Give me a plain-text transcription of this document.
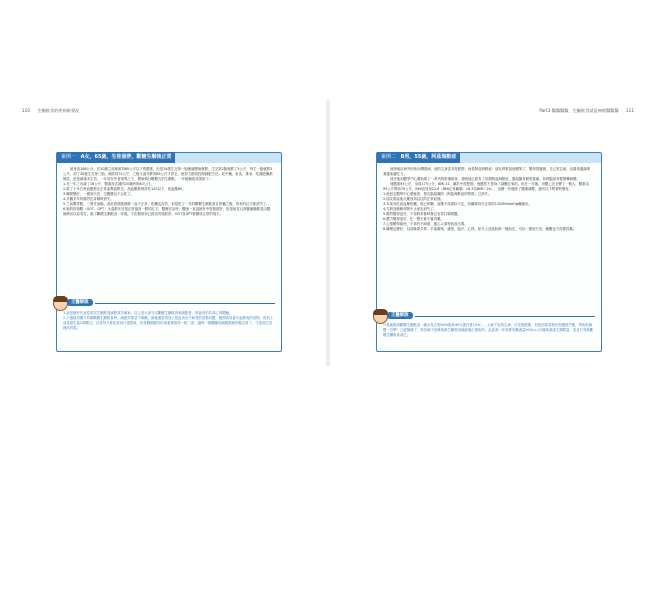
110 生酮飲食的疾病新發況
案例一 A女，65歲，生娃發胖，斷糖生酮後正常

她身高168公分，在20歲之前都維持60公斤以下的體重，但是24歲生完第一胎後就開始發胖，生完第2胎後胖了5公斤，每生一胎就胖5公斤，到了30歲生完第三胎，就胖到75公斤，之後又逐年胖到85公斤才停止，她努力節食控制減肥方法，吃中藥、針灸、推拿、吃減肥藥都無效，但是絲毫未生效，一年前在作者指導之下，開始執行斷糖式的生酮飲，一年後驗收成果如下：

1.在一年之內減了18公斤，體重再次減回20歲時的60公斤。
2.除了十年右時血壓都在正常血壓區附近、高血壓都保持在120以下，低血壓80。
3.睡眠變好，一覺到天亮，空腹變也不会吃了。
4.多關多年的腸胃也奇蹟般消失。
5.之前腸胃脹，三餐甘油酯、高低密度膽固醇一直不正常，吃藥也沒效，但是吃了一年的斷糖生酮飲食且停藥之後，所有的紅字都消失了。
6.她的肝指數（GOT、GPT）永遠都比呈現正常值高一點的紅字，醫療沒洽時，醫師一直說她有中度脂肪肝，但是她並且常腳痛腫脹並由醫師擠出以容易打，做了斷糖生酮飲食一年後，不但脂肪知已經沒有脂肪肝，GOT及GPT都變成正常的現字。
王醫師說
1.這是個有代表性的以生酮飲食減肥成功個案，以上是大部分以斷糖生酮飲食來減肥者，都會有的共同心得體驗。
2.不過她初期只有做斷糖生酮飲食時，減肥效果並不明顯，最後還是再加上搭血找出不耐受的食物抗體，避開食用會引起發炎的食物，再加上前量維生素C靜脈注，以及每天都吃黃食行複提氧，把身體細胞內的毒素都排得一乾二淨，讓每一個腫腫的細胞都細布膽正常了，才達到去菜熱的效果。
Part3 醫醫醫醫，生酮飲食就是神般醫醫醫 111
案例二 B男，55歲，阿茲海默症

他特地由海外回來台灣看病，他的主訴並非是肥胖，而是阿茲海默症：朋友們都說他變笨了，變得很遲頓，自己常忘東，也覺得還滿專業越來越吃力。

回任他到醫學中心幫助做了一系列的影像檢查，證明他已經有了初期阿茲海默症，腦組織有輕度萎縮，同時腦部有輕微轉病變。

他體重95公斤，身高175公分，BMI 31，屬於中度肥胖，他體然不是Ta了滅數匠來的，但在一年後，卅體上完全變了一個人，體重由95公斤降到70公斤，BMI也回到22.8（BMI正常範圍：18.5至BMI＜24），治療一年後除了體重減輕，還有以下附帶的變化：

1.他回去醫學中心做檢查，發告腦組織的（阿茲海默症的特徵）已消失。
2.朋友都說他反應回到以往的正常狀態。
3.本來有吃高血壓的藥，現已停藥，血壓不再超标不定，持續維持在正常的120/80mmHg範圍內。
4.打鼾及睡眠呼吸中止症也消失了。
5.腸胃變得更好，不再時常都時發泛容易打嗝問題。
6.體力變得更好，忙一整天都不覺得累。
7.心情變得愉快，不再有不耐煩、擔心人事等狀況出現。
8.睡眠也變好，以前晚要多夢，半夜醒來，還悟、盜汗、心悸，如今上述症狀都一掃而光，可以一覺到天亮，睡醒也不再覺得累。
王醫師說
只要能做到斷糖生酮飲食（碳水化合物50%脂肪40%蛋白質10%），人就不容易生病，可長保健康，但是如果食物比例過度失衡，導致粒線體（引擎）已經損壞了，恐怕就不是單純做生酮飲食就能矯正過來的，此患者一年來都有戴流量500c.c./分鐘氧氣產生器輕量，並且只有做斷糖生酮飲食而已。
